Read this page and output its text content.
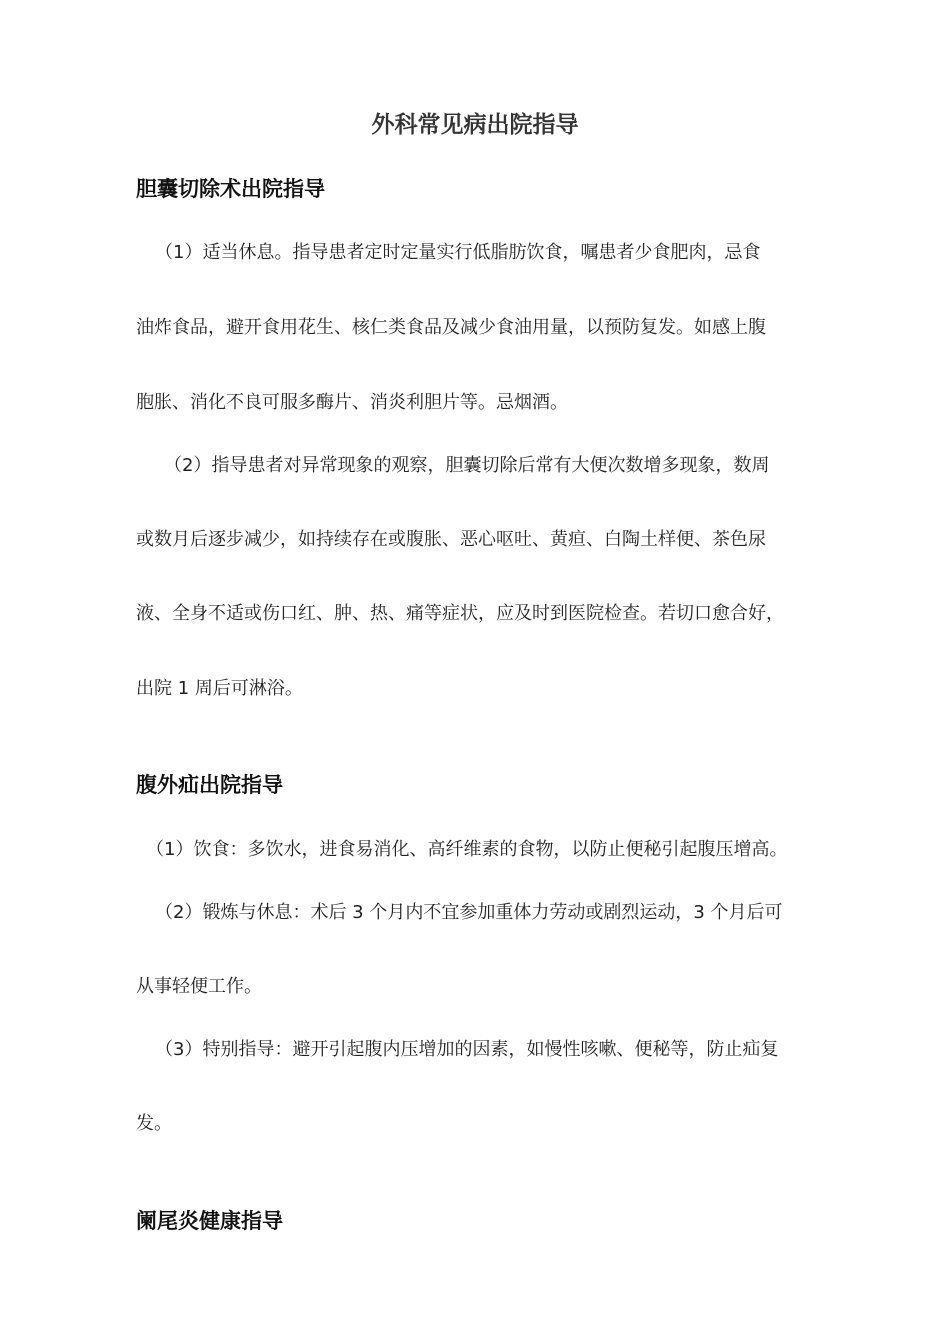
外科常见病出院指导
胆囊切除术出院指导
（1）适当休息。指导患者定时定量实行低脂肪饮食，嘱患者少食肥肉，忌食
油炸食品，避开食用花生、核仁类食品及减少食油用量，以预防复发。如感上腹
胞胀、消化不良可服多酶片、消炎利胆片等。忌烟酒。
（2）指导患者对异常现象的观察，胆囊切除后常有大便次数增多现象，数周
或数月后逐步减少，如持续存在或腹胀、恶心呕吐、黄疸、白陶土样便、茶色尿
液、全身不适或伤口红、肿、热、痛等症状，应及时到医院检查。若切口愈合好，
出院 1 周后可淋浴。
腹外疝出院指导
（1）饮食：多饮水，进食易消化、高纤维素的食物，以防止便秘引起腹压增高。
（2）锻炼与休息：术后 3 个月内不宜参加重体力劳动或剧烈运动，3 个月后可
从事轻便工作。
（3）特别指导：避开引起腹内压增加的因素，如慢性咳嗽、便秘等，防止疝复
发。
阑尾炎健康指导
